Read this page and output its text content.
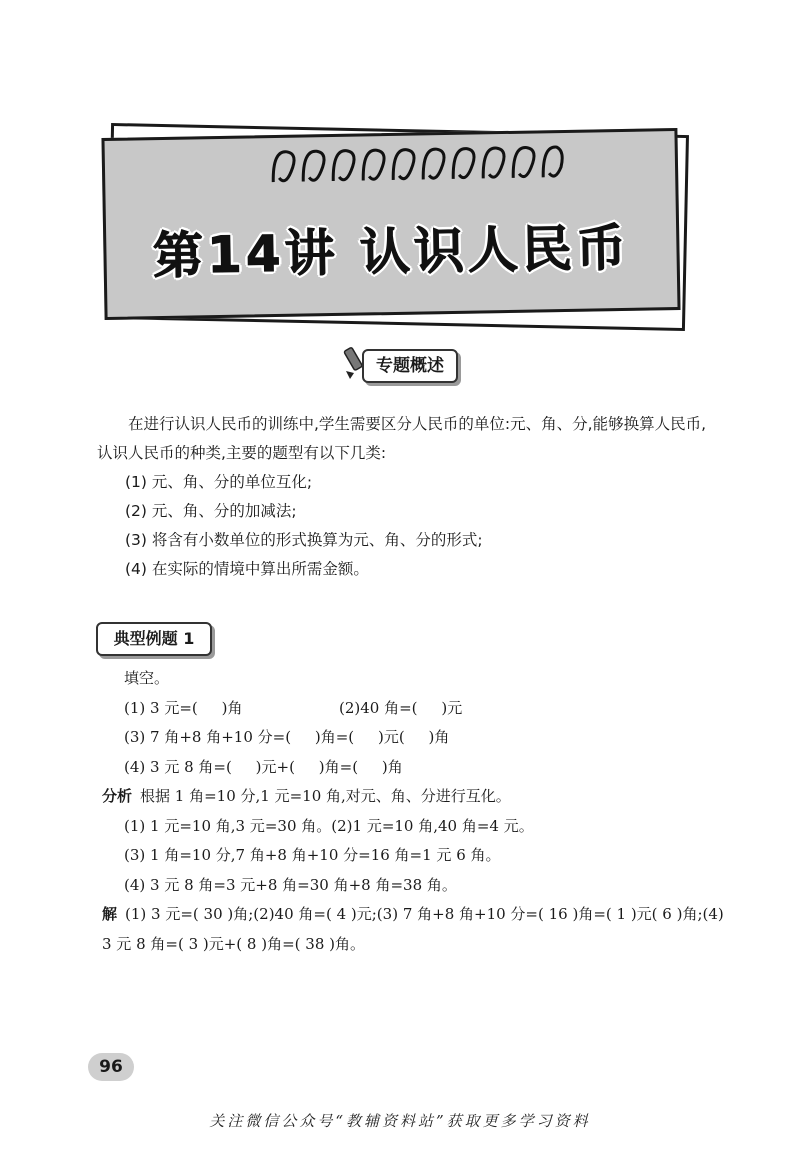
第14讲 认识人民币
专题概述

在进行认识人民币的训练中,学生需要区分人民币的单位:元、角、分,能够换算人民币,认识人民币的种类,主要的题型有以下几类:

(1) 元、角、分的单位互化;

(2) 元、角、分的加减法;

(3) 将含有小数单位的形式换算为元、角、分的形式;

(4) 在实际的情境中算出所需金额。

典型例题 1

填空。

(1) 3 元=(     )角	(2)40 角=(     )元

(3) 7 角+8 角+10 分=(     )角=(     )元(     )角

(4) 3 元 8 角=(     )元+(     )角=(     )角

分析 根据 1 角=10 分,1 元=10 角,对元、角、分进行互化。

(1) 1 元=10 角,3 元=30 角。(2)1 元=10 角,40 角=4 元。

(3) 1 角=10 分,7 角+8 角+10 分=16 角=1 元 6 角。

(4) 3 元 8 角=3 元+8 角=30 角+8 角=38 角。

解 (1) 3 元=( 30 )角;(2)40 角=( 4 )元;(3) 7 角+8 角+10 分=( 16 )角=( 1 )元( 6 )角;(4) 3 元 8 角=( 3 )元+( 8 )角=( 38 )角。

96
关注微信公众号“教辅资料站”获取更多学习资料
